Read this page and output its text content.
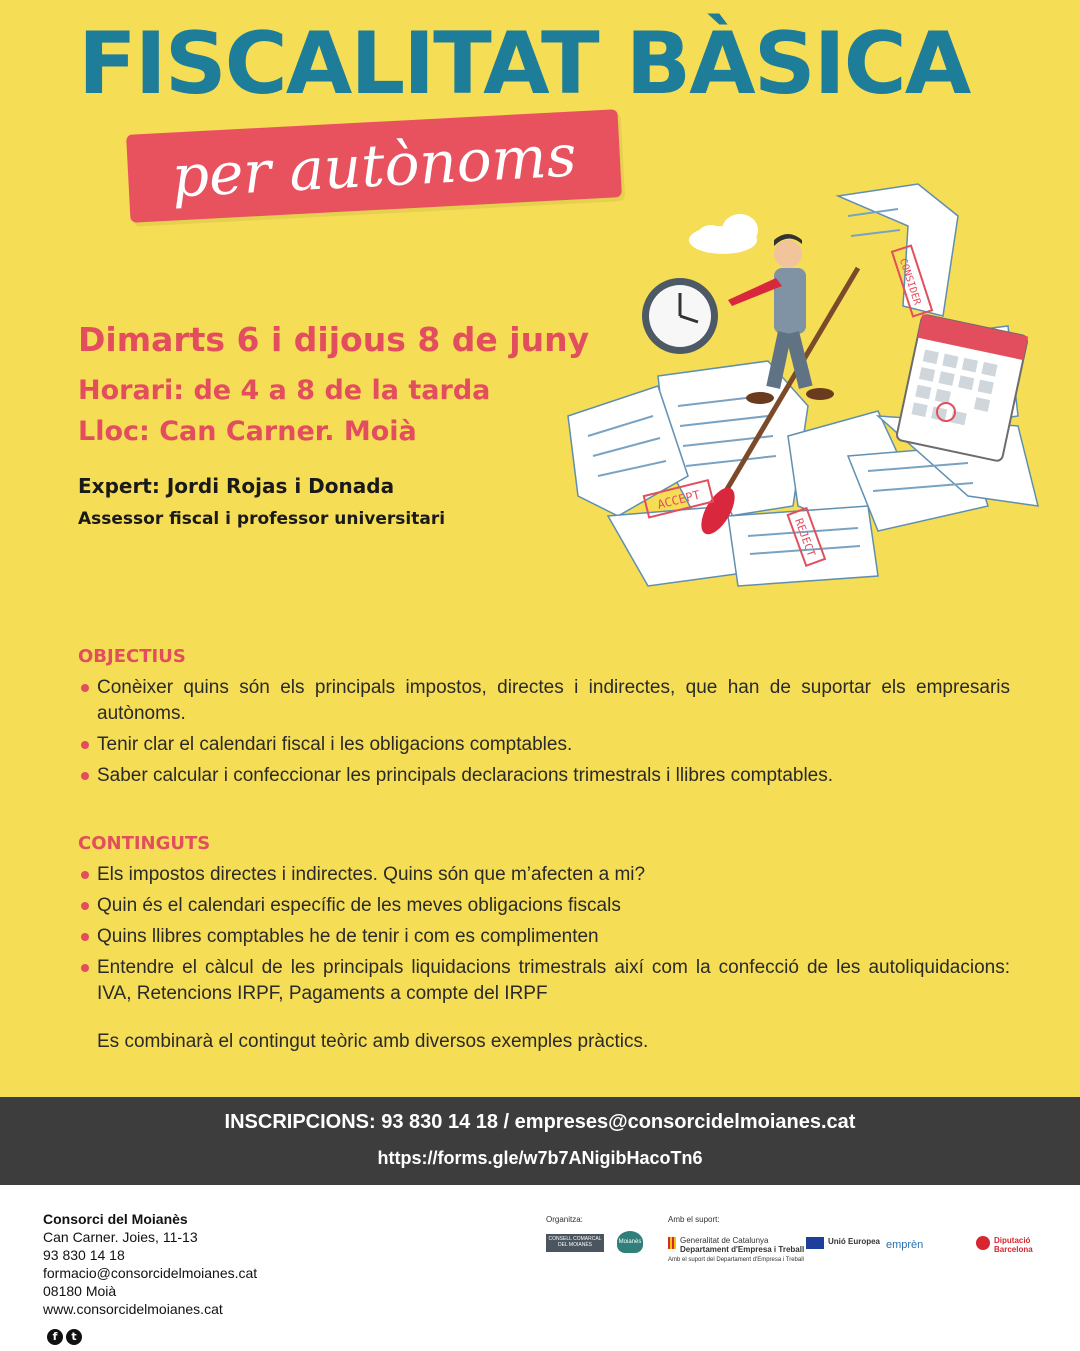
FISCALITAT BÀSICA
per autònoms
Dimarts 6 i dijous 8 de juny
Horari: de 4 a 8 de la tarda
Lloc: Can Carner. Moià
Expert: Jordi Rojas i Donada
Assessor fiscal i professor universitari
ACCEPT
REJECT
CONSIDER
OBJECTIUS
Conèixer quins són els principals impostos, directes i indirectes, que han de suportar els empresaris autònoms.
Tenir clar el calendari fiscal i les obligacions comptables.
Saber calcular i confeccionar les principals declaracions trimestrals i llibres comptables.
CONTINGUTS
Els impostos directes i indirectes. Quins són que m’afecten a mi?
Quin és el calendari específic de les meves obligacions fiscals
Quins llibres comptables he de tenir i com es complimenten
Entendre el càlcul de les principals liquidacions trimestrals així com la confecció de les autoliquidacions: IVA, Retencions IRPF, Pagaments a compte del IRPF
Es combinarà el contingut teòric amb diversos exemples pràctics.
INSCRIPCIONS: 93 830 14 18 / empreses@consorcidelmoianes.cat
https://forms.gle/w7b7ANigibHacoTn6
Consorci del Moianès
Can Carner. Joies, 11-13
93 830 14 18
formacio@consorcidelmoianes.cat
08180 Moià
www.consorcidelmoianes.cat
f t
Organitza:
CONSELL COMARCAL DEL MOIANÈS	Moianès
Amb el suport:
Generalitat de Catalunya
Departament d'Empresa i Treball
Amb el suport del Departament d'Empresa i Treball
Unió Europea emprèn	Diputació
Barcelona
